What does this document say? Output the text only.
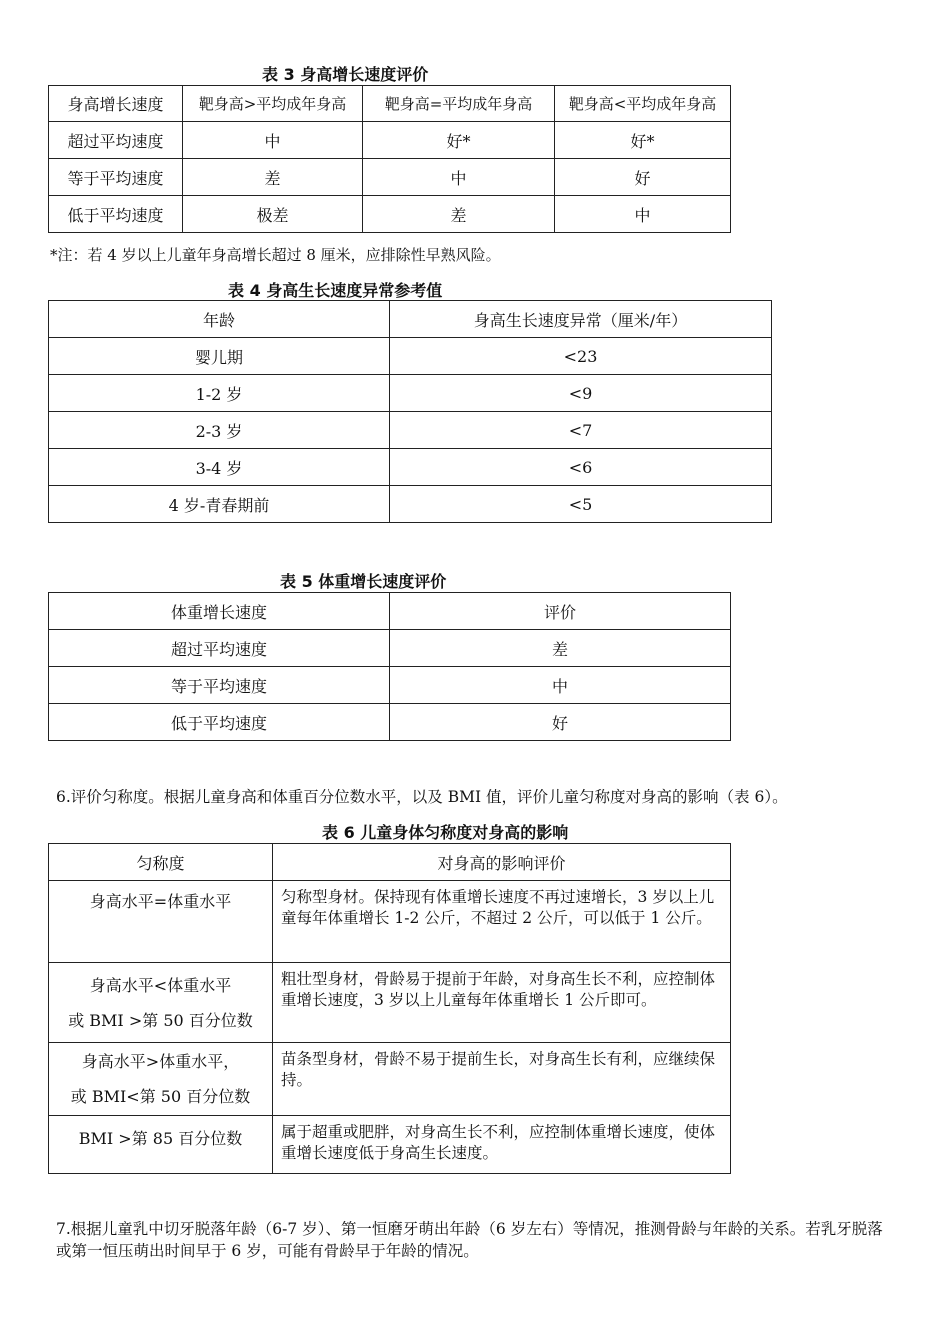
表 3 身高增长速度评价
身高增长速度	靶身高>平均成年身高	靶身高=平均成年身高	靶身高<平均成年身高
超过平均速度	中	好*	好*
等于平均速度	差	中	好
低于平均速度	极差	差	中
*注：若 4 岁以上儿童年身高增长超过 8 厘米，应排除性早熟风险。
表 4 身高生长速度异常参考值
年龄	身高生长速度异常（厘米/年）
婴儿期	<23
1-2 岁	<9
2-3 岁	<7
3-4 岁	<6
4 岁-青春期前	<5
表 5 体重增长速度评价
体重增长速度	评价
超过平均速度	差
等于平均速度	中
低于平均速度	好
6.评价匀称度。根据儿童身高和体重百分位数水平，以及 BMI 值，评价儿童匀称度对身高的影响（表 6）。
表 6 儿童身体匀称度对身高的影响
匀称度	对身高的影响评价

身高水平=体重水平	匀称型身材。保持现有体重增长速度不再过速增长，3 岁以上儿童每年体重增长 1-2 公斤，不超过 2 公斤，可以低于 1 公斤。

身高水平<体重水平
或 BMI >第 50 百分位数	粗壮型身材，骨龄易于提前于年龄，对身高生长不利，应控制体重增长速度，3 岁以上儿童每年体重增长 1 公斤即可。

身高水平>体重水平，
或 BMI<第 50 百分位数	苗条型身材，骨龄不易于提前生长，对身高生长有利，应继续保持。

BMI >第 85 百分位数	属于超重或肥胖，对身高生长不利，应控制体重增长速度，使体重增长速度低于身高生长速度。
7.根据儿童乳中切牙脱落年龄（6-7 岁）、第一恒磨牙萌出年龄（6 岁左右）等情况，推测骨龄与年龄的关系。若乳牙脱落或第一恒压萌出时间早于 6 岁，可能有骨龄早于年龄的情况。
